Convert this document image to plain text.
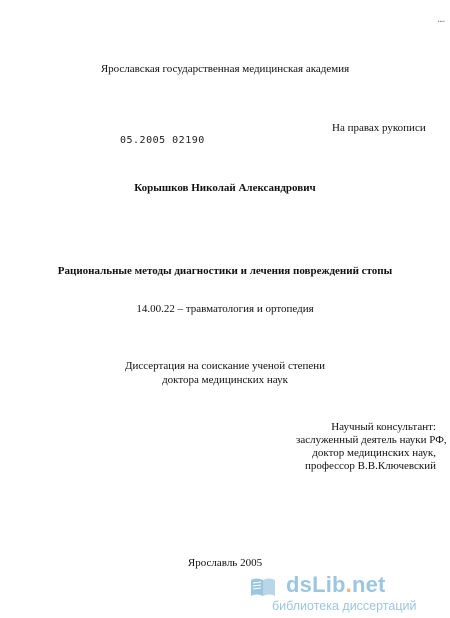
⁞
Ярославская государственная медицинская академия
05.2005 02190
На правах рукописи
Корышков Николай Александрович
Рациональные методы диагностики и лечения повреждений стопы
14.00.22 – травматология и ортопедия
Диссертация на соискание ученой степени
доктора медицинских наук
Научный консультант:
заслуженный деятель науки РФ,
доктор медицинских наук,
профессор В.В.Ключевский
Ярославль 2005
dsLib.net
библиотека диссертаций
